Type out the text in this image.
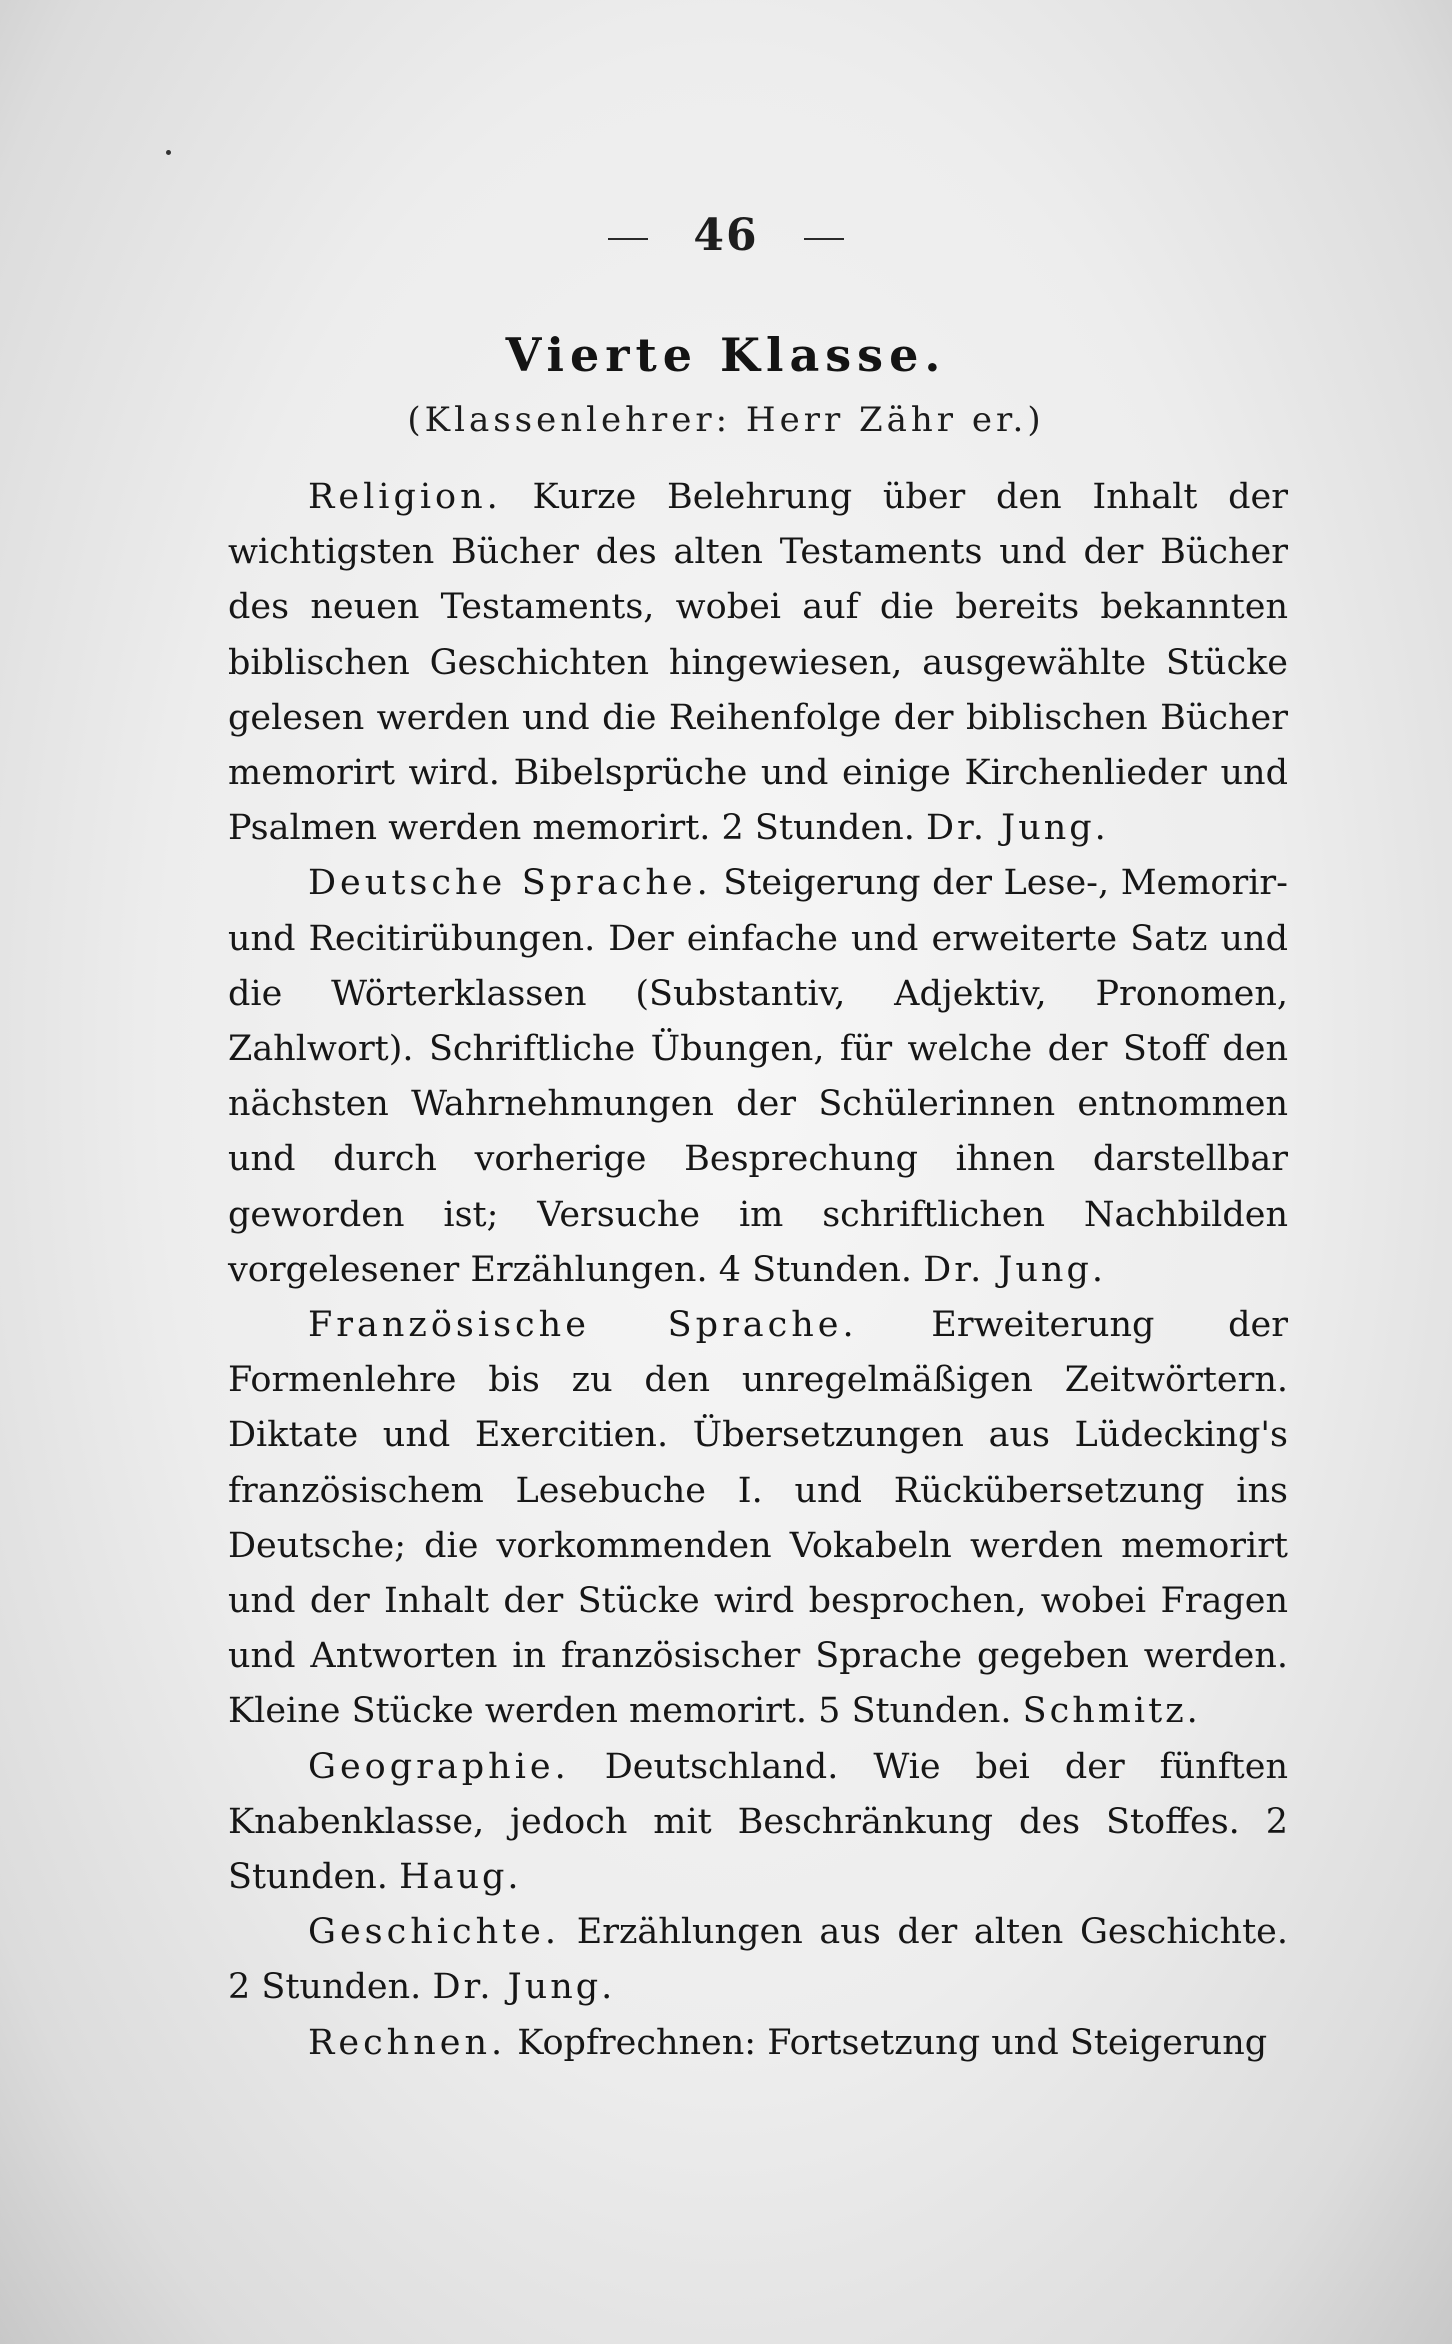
46
Vierte Klasse.
(Klassenlehrer: Herr Zähr er.)

Religion. Kurze Belehrung über den Inhalt der wichtigsten Bücher des alten Testaments und der Bücher des neuen Testaments, wobei auf die bereits bekannten biblischen Geschichten hingewiesen, ausgewählte Stücke gelesen werden und die Reihenfolge der biblischen Bücher memorirt wird. Bibelsprüche und einige Kirchenlieder und Psalmen werden memorirt. 2 Stunden. Dr. Jung.

Deutsche Sprache. Steigerung der Lese-, Memorir- und Recitirübungen. Der einfache und erweiterte Satz und die Wörterklassen (Substantiv, Adjektiv, Pronomen, Zahlwort). Schriftliche Übungen, für welche der Stoff den nächsten Wahrnehmungen der Schülerinnen entnommen und durch vorherige Besprechung ihnen darstellbar geworden ist; Versuche im schriftlichen Nachbilden vorgelesener Erzählungen. 4 Stunden. Dr. Jung.

Französische Sprache. Erweiterung der Formenlehre bis zu den unregelmäßigen Zeitwörtern. Diktate und Exercitien. Übersetzungen aus Lüdecking's französischem Lesebuche I. und Rückübersetzung ins Deutsche; die vorkommenden Vokabeln werden memorirt und der Inhalt der Stücke wird besprochen, wobei Fragen und Antworten in französischer Sprache gegeben werden. Kleine Stücke werden memorirt. 5 Stunden. Schmitz.

Geographie. Deutschland. Wie bei der fünften Knabenklasse, jedoch mit Beschränkung des Stoffes. 2 Stunden. Haug.

Geschichte. Erzählungen aus der alten Geschichte. 2 Stunden. Dr. Jung.

Rechnen. Kopfrechnen: Fortsetzung und Steigerung
